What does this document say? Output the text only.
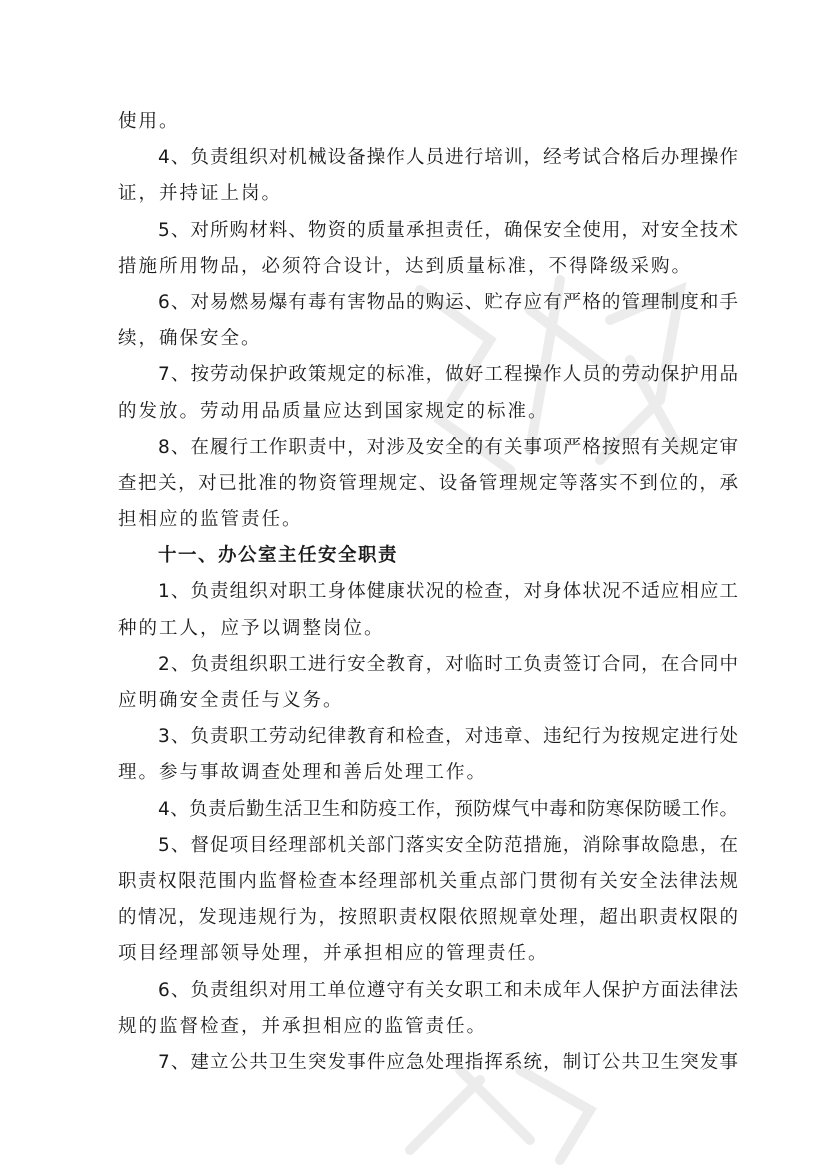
使用。
4、负责组织对机械设备操作人员进行培训，经考试合格后办理操作
证，并持证上岗。
5、对所购材料、物资的质量承担责任，确保安全使用，对安全技术
措施所用物品，必须符合设计，达到质量标准，不得降级采购。
6、对易燃易爆有毒有害物品的购运、贮存应有严格的管理制度和手
续，确保安全。
7、按劳动保护政策规定的标准，做好工程操作人员的劳动保护用品
的发放。劳动用品质量应达到国家规定的标准。
8、在履行工作职责中，对涉及安全的有关事项严格按照有关规定审
查把关，对已批准的物资管理规定、设备管理规定等落实不到位的，承
担相应的监管责任。
十一、办公室主任安全职责
1、负责组织对职工身体健康状况的检查，对身体状况不适应相应工
种的工人，应予以调整岗位。
2、负责组织职工进行安全教育，对临时工负责签订合同，在合同中
应明确安全责任与义务。
3、负责职工劳动纪律教育和检查，对违章、违纪行为按规定进行处
理。参与事故调查处理和善后处理工作。
4、负责后勤生活卫生和防疫工作，预防煤气中毒和防寒保防暖工作。
5、督促项目经理部机关部门落实安全防范措施，消除事故隐患，在
职责权限范围内监督检查本经理部机关重点部门贯彻有关安全法律法规
的情况，发现违规行为，按照职责权限依照规章处理，超出职责权限的
项目经理部领导处理，并承担相应的管理责任。
6、负责组织对用工单位遵守有关女职工和未成年人保护方面法律法
规的监督检查，并承担相应的监管责任。
7、建立公共卫生突发事件应急处理指挥系统，制订公共卫生突发事
